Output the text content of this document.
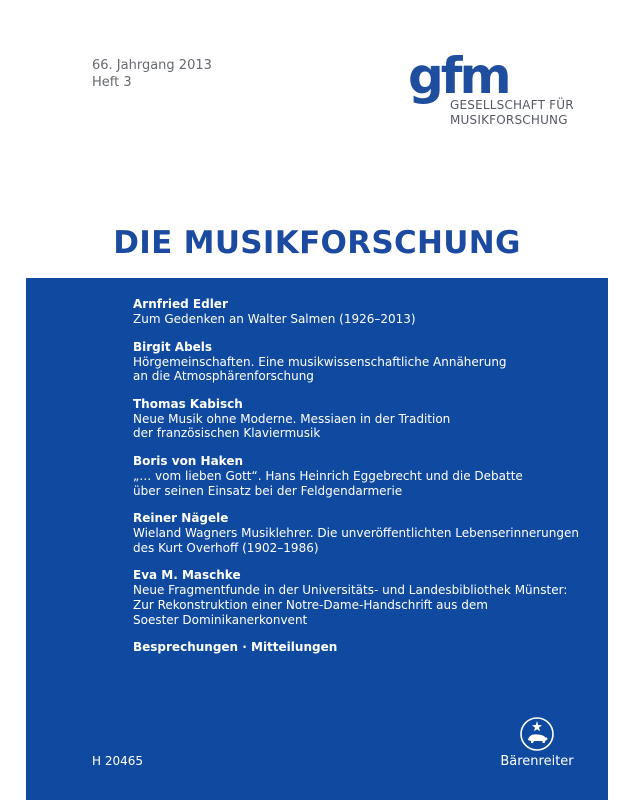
66. Jahrgang 2013
Heft 3	gfm
GESELLSCHAFT FÜR
MUSIKFORSCHUNG
DIE MUSIKFORSCHUNG
Arnfried Edler
Zum Gedenken an Walter Salmen (1926–2013)
Birgit Abels
Hörgemeinschaften. Eine musikwissenschaftliche Annäherung
an die Atmosphärenforschung
Thomas Kabisch
Neue Musik ohne Moderne. Messiaen in der Tradition
der französischen Klaviermusik
Boris von Haken
„… vom lieben Gott“. Hans Heinrich Eggebrecht und die Debatte
über seinen Einsatz bei der Feldgendarmerie
Reiner Nägele
Wieland Wagners Musiklehrer. Die unveröffentlichten Lebenserinnerungen
des Kurt Overhoff (1902–1986)
Eva M. Maschke
Neue Fragmentfunde in der Universitäts- und Landesbibliothek Münster:
Zur Rekonstruktion einer Notre-Dame-Handschrift aus dem
Soester Dominikanerkonvent
Besprechungen · Mitteilungen
H 20465	Bärenreiter
